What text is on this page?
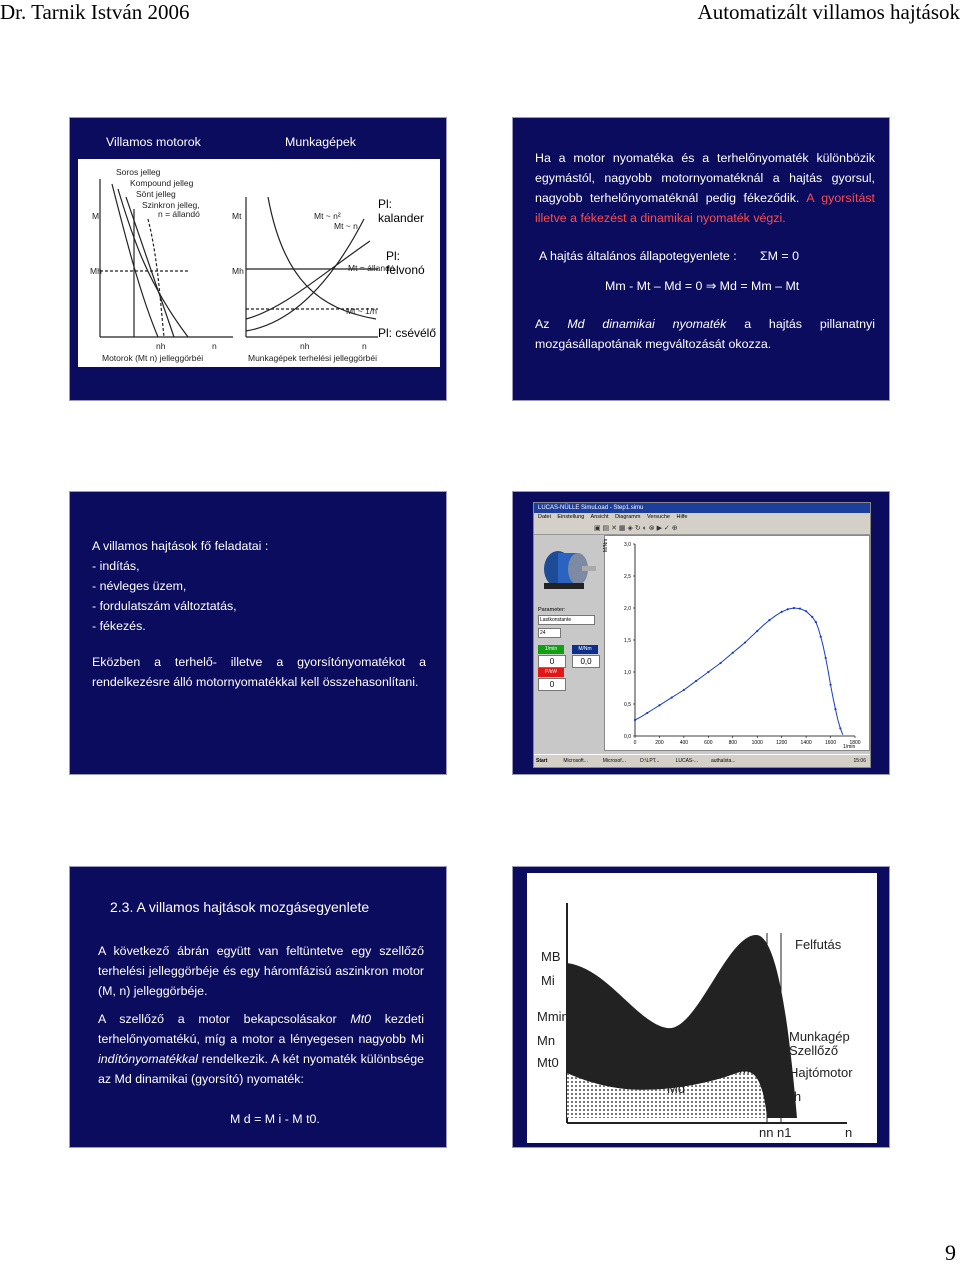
Dr. Tarnik István 2006	Automatizált villamos hajtások
Villamos motorok	Munkagépek
Soros jelleg
Kompound jelleg
Sönt jelleg
Szinkron jelleg,
n = állandó
M	Mt	Mt ~ n²
Mt ~ n
Mh	Mh	Mt = állandó
Mt ~ 1/n
nh	n	nh	n
Motorok (Mt n) jelleggörbéi	Munkagépek terhelési jelleggörbéi
Pl: kalander
Pl: felvonó
Pl: csévélő
Ha a motor nyomatéka és a terhelőnyomaték különbözik egymástól, nagyobb motornyomatéknál a hajtás gyorsul, nagyobb terhelőnyomatéknál pedig fékeződik. A gyorsítást illetve a fékezést a dinamikai nyomaték végzi.
A hajtás általános állapotegyenlete : ΣM = 0
Mm - Mt – Md = 0 ⇒ Md = Mm – Mt
Az Md dinamikai nyomaték a hajtás pillanatnyi mozgásállapotának megváltozását okozza.
A villamos hajtások fő feladatai :
- indítás,
- névleges üzem,
- fordulatszám változtatás,
- fékezés.
Eközben a terhelő- illetve a gyorsítónyomatékot a rendelkezésre álló motornyomatékkal kell összehasonlítani.
LUCAS-NÜLLE SimuLoad - Step1.simu
Datei Einstellung Ansicht Diagramm Versuche Hilfe
▣ ▤ ✕ ▦ ◈ ↻ ◐ ⊗ ▶ ✓ ⊕
Parameter:
Lastkonstante
24
1/min	M/Nm
0	0,0
P/kW
0
0,0
0,5
1,0
1,5
2,0
2,5
3,0
0	200	400	600	800	1000	1200	1400	1600	1800
M/Nm
1/min
Start	Microsoft...	Microsof...	D:\LPT...	LUCAS-...	authalsta...	15:06
2.3. A villamos hajtások mozgásegyenlete
A következő ábrán együtt van feltüntetve egy szellőző terhelési jelleggörbéje és egy háromfázisú aszinkron motor (M, n) jelleggörbéje.
A szellőző a motor bekapcsolásakor Mt0 kezdeti terhelőnyomatékú, míg a motor a lényegesen nagyobb Mi indítónyomatékkal rendelkezik. A két nyomaték különbsége az Md dinamikai (gyorsító) nyomaték:
M d = M i - M t0.
MB
Mi
Mmin
Mn
Mt0
Felfutás
Munkagép
Szellőző
Hajtómotor
Mtn
Mh
Md
nn n1	n
9
